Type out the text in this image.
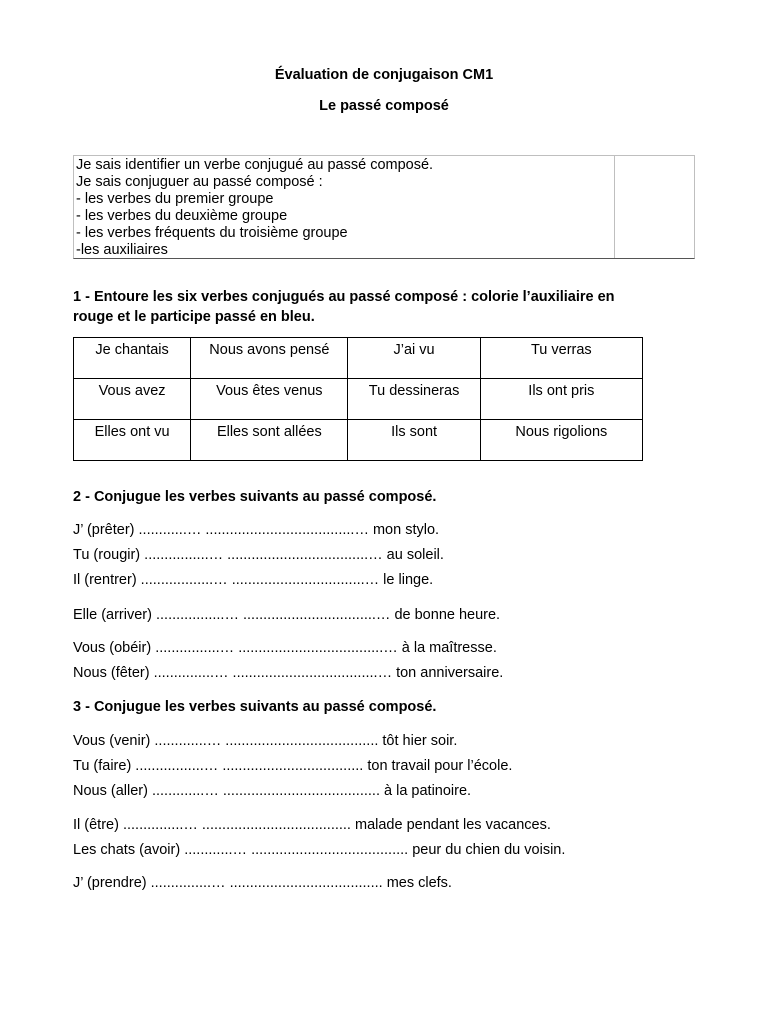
Évaluation de conjugaison CM1
Le passé composé
Je sais identifier un verbe conjugué au passé composé.
Je sais conjuguer au passé composé :
- les verbes du premier groupe
- les verbes du deuxième groupe
- les verbes fréquents du troisième groupe
-les auxiliaires
1 - Entoure les six verbes conjugués au passé composé : colorie l’auxiliaire en
rouge et le participe passé en bleu.
Je chantais	Nous avons pensé	J’ai vu	Tu verras
Vous avez	Vous êtes venus	Tu dessineras	Ils ont pris
Elles ont vu	Elles sont allées	Ils sont	Nous rigolions
2 - Conjugue les verbes suivants au passé composé.
J’ (prêter) ............… .....................................… mon stylo.
Tu (rougir) ................… ...................................… au soleil.
Il (rentrer) ..................… .................................… le linge.
Elle (arriver) .................… .................................… de bonne heure.
Vous (obéir) ................… ....................................… à la maîtresse.
Nous (fêter) ...............… ....................................… ton anniversaire.
3 - Conjugue les verbes suivants au passé composé.
Vous (venir) .............… ...................................... tôt hier soir.
Tu (faire) .................… ................................... ton travail pour l’école.
Nous (aller) .............… ....................................... à la patinoire.
Il (être) ...............… ..................................... malade pendant les vacances.
Les chats (avoir) ............… ....................................... peur du chien du voisin.
J’ (prendre) ...............… ...................................... mes clefs.
